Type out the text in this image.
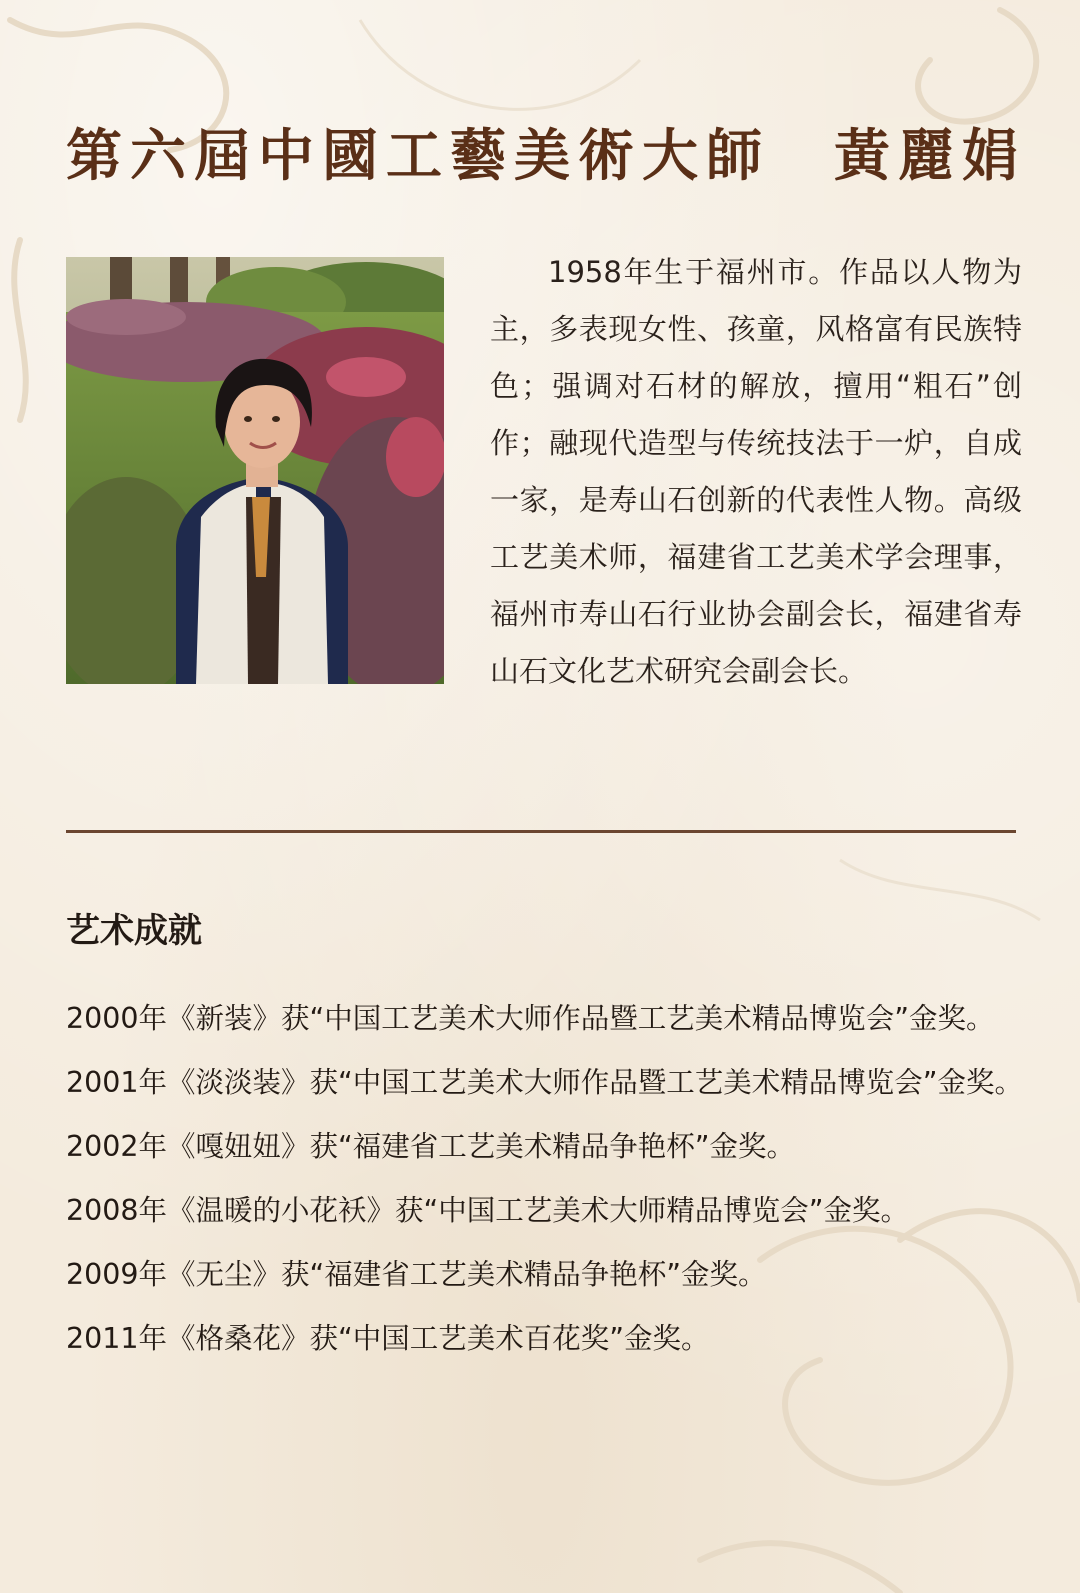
第六屆中國工藝美術大師　黃麗娟

1958年生于福州市。作品以人物为主，多表现女性、孩童，风格富有民族特色；强调对石材的解放，擅用“粗石”创作；融现代造型与传统技法于一炉，自成一家，是寿山石创新的代表性人物。高级工艺美术师，福建省工艺美术学会理事，福州市寿山石行业协会副会长，福建省寿山石文化艺术研究会副会长。

艺术成就
2000年《新装》获“中国工艺美术大师作品暨工艺美术精品博览会”金奖。
2001年《淡淡装》获“中国工艺美术大师作品暨工艺美术精品博览会”金奖。
2002年《嘎妞妞》获“福建省工艺美术精品争艳杯”金奖。
2008年《温暖的小花袄》获“中国工艺美术大师精品博览会”金奖。
2009年《无尘》获“福建省工艺美术精品争艳杯”金奖。
2011年《格桑花》获“中国工艺美术百花奖”金奖。
